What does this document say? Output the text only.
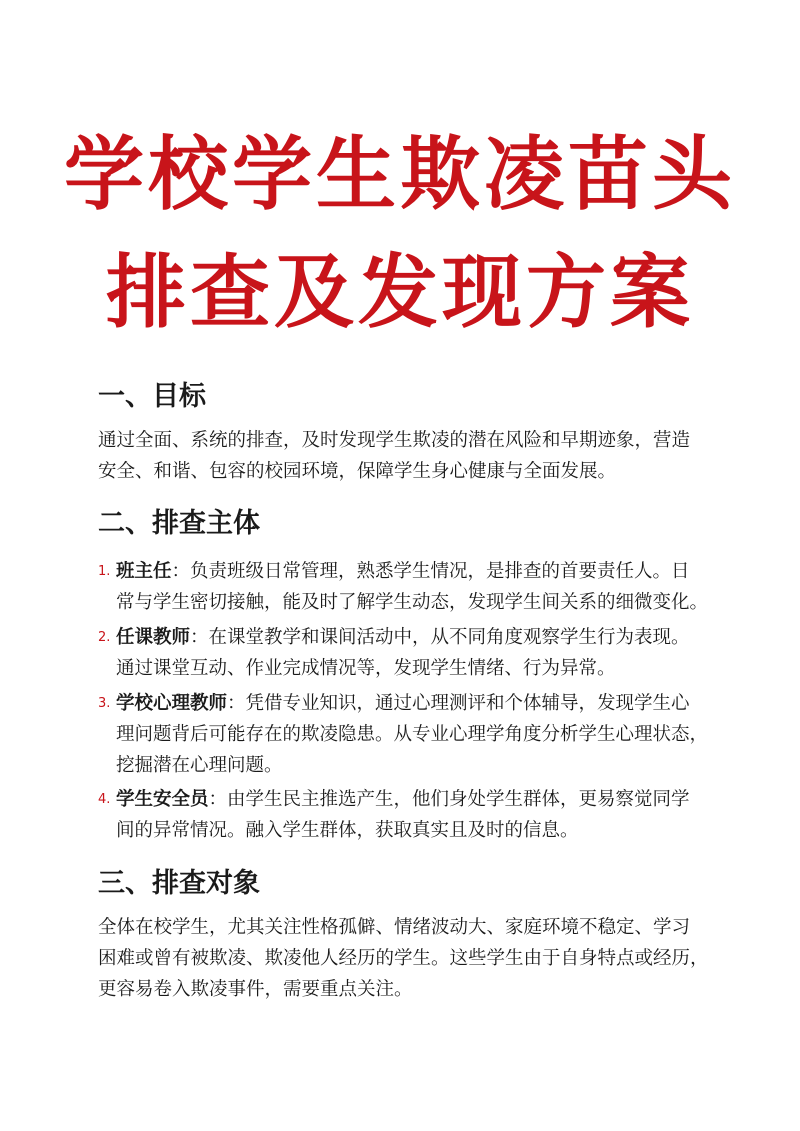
学校学生欺凌苗头
排查及发现方案
一、目标
通过全面、系统的排查，及时发现学生欺凌的潜在风险和早期迹象，营造
安全、和谐、包容的校园环境，保障学生身心健康与全面发展。
二、排查主体
1. 班主任：负责班级日常管理，熟悉学生情况，是排查的首要责任人。日
常与学生密切接触，能及时了解学生动态，发现学生间关系的细微变化。
2. 任课教师：在课堂教学和课间活动中，从不同角度观察学生行为表现。
通过课堂互动、作业完成情况等，发现学生情绪、行为异常。
3. 学校心理教师：凭借专业知识，通过心理测评和个体辅导，发现学生心
理问题背后可能存在的欺凌隐患。从专业心理学角度分析学生心理状态，
挖掘潜在心理问题。
4. 学生安全员：由学生民主推选产生，他们身处学生群体，更易察觉同学
间的异常情况。融入学生群体，获取真实且及时的信息。
三、排查对象
全体在校学生，尤其关注性格孤僻、情绪波动大、家庭环境不稳定、学习
困难或曾有被欺凌、欺凌他人经历的学生。这些学生由于自身特点或经历，
更容易卷入欺凌事件，需要重点关注。
